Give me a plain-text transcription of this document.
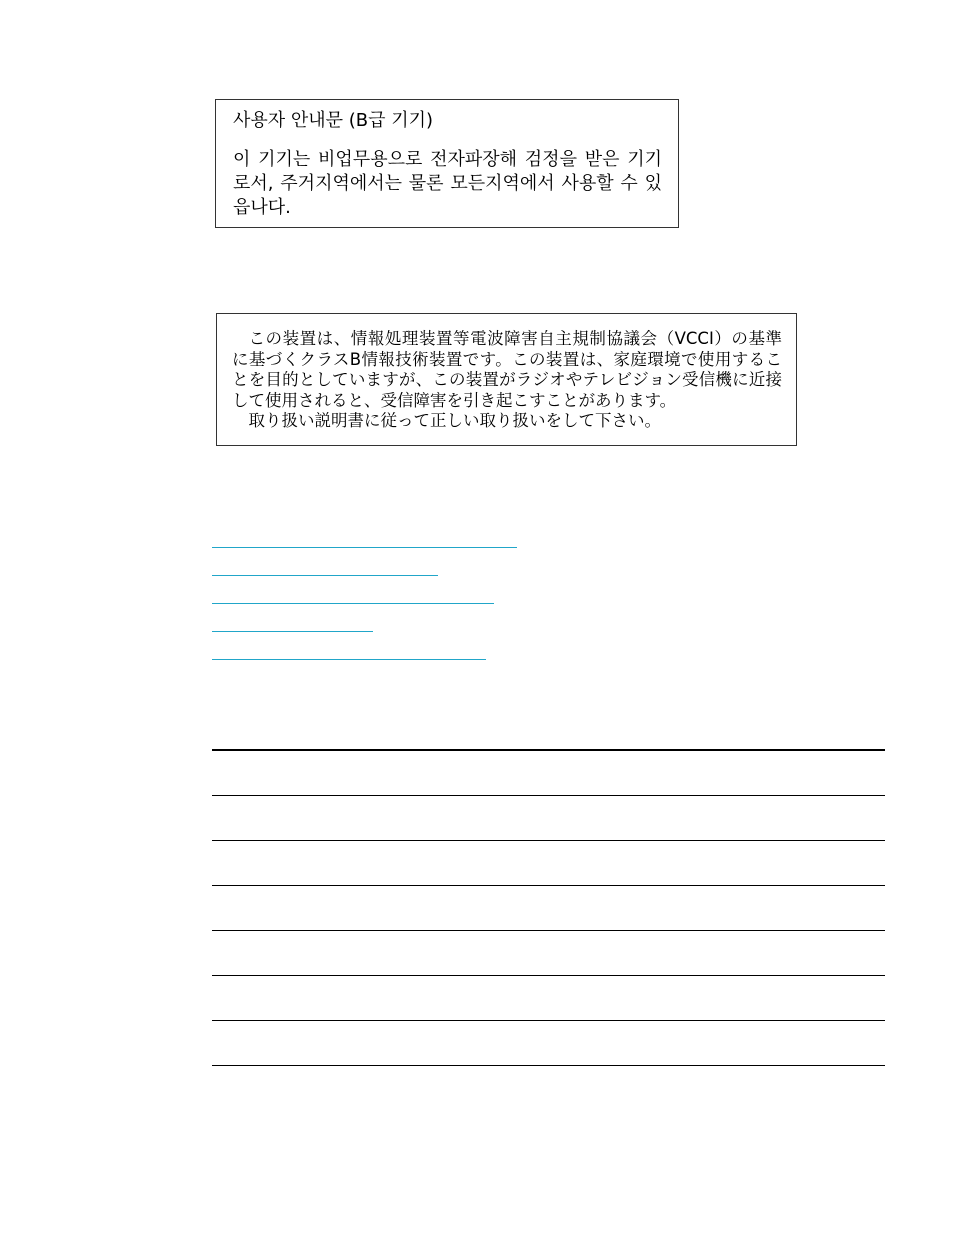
사용자 안내문 (B급 기기)

이 기기는 비업무용으로 전자파장해 검정을 받은 기기로서, 주거지역에서는 물론 모든지역에서 사용할 수 있읍나다.

この装置は、情報処理装置等電波障害自主規制協議会（VCCI）の基準に基づくクラスB情報技術装置です。この装置は、家庭環境で使用することを目的としていますが、この装置がラジオやテレビジョン受信機に近接して使用されると、受信障害を引き起こすことがあります。

取り扱い説明書に従って正しい取り扱いをして下さい。
